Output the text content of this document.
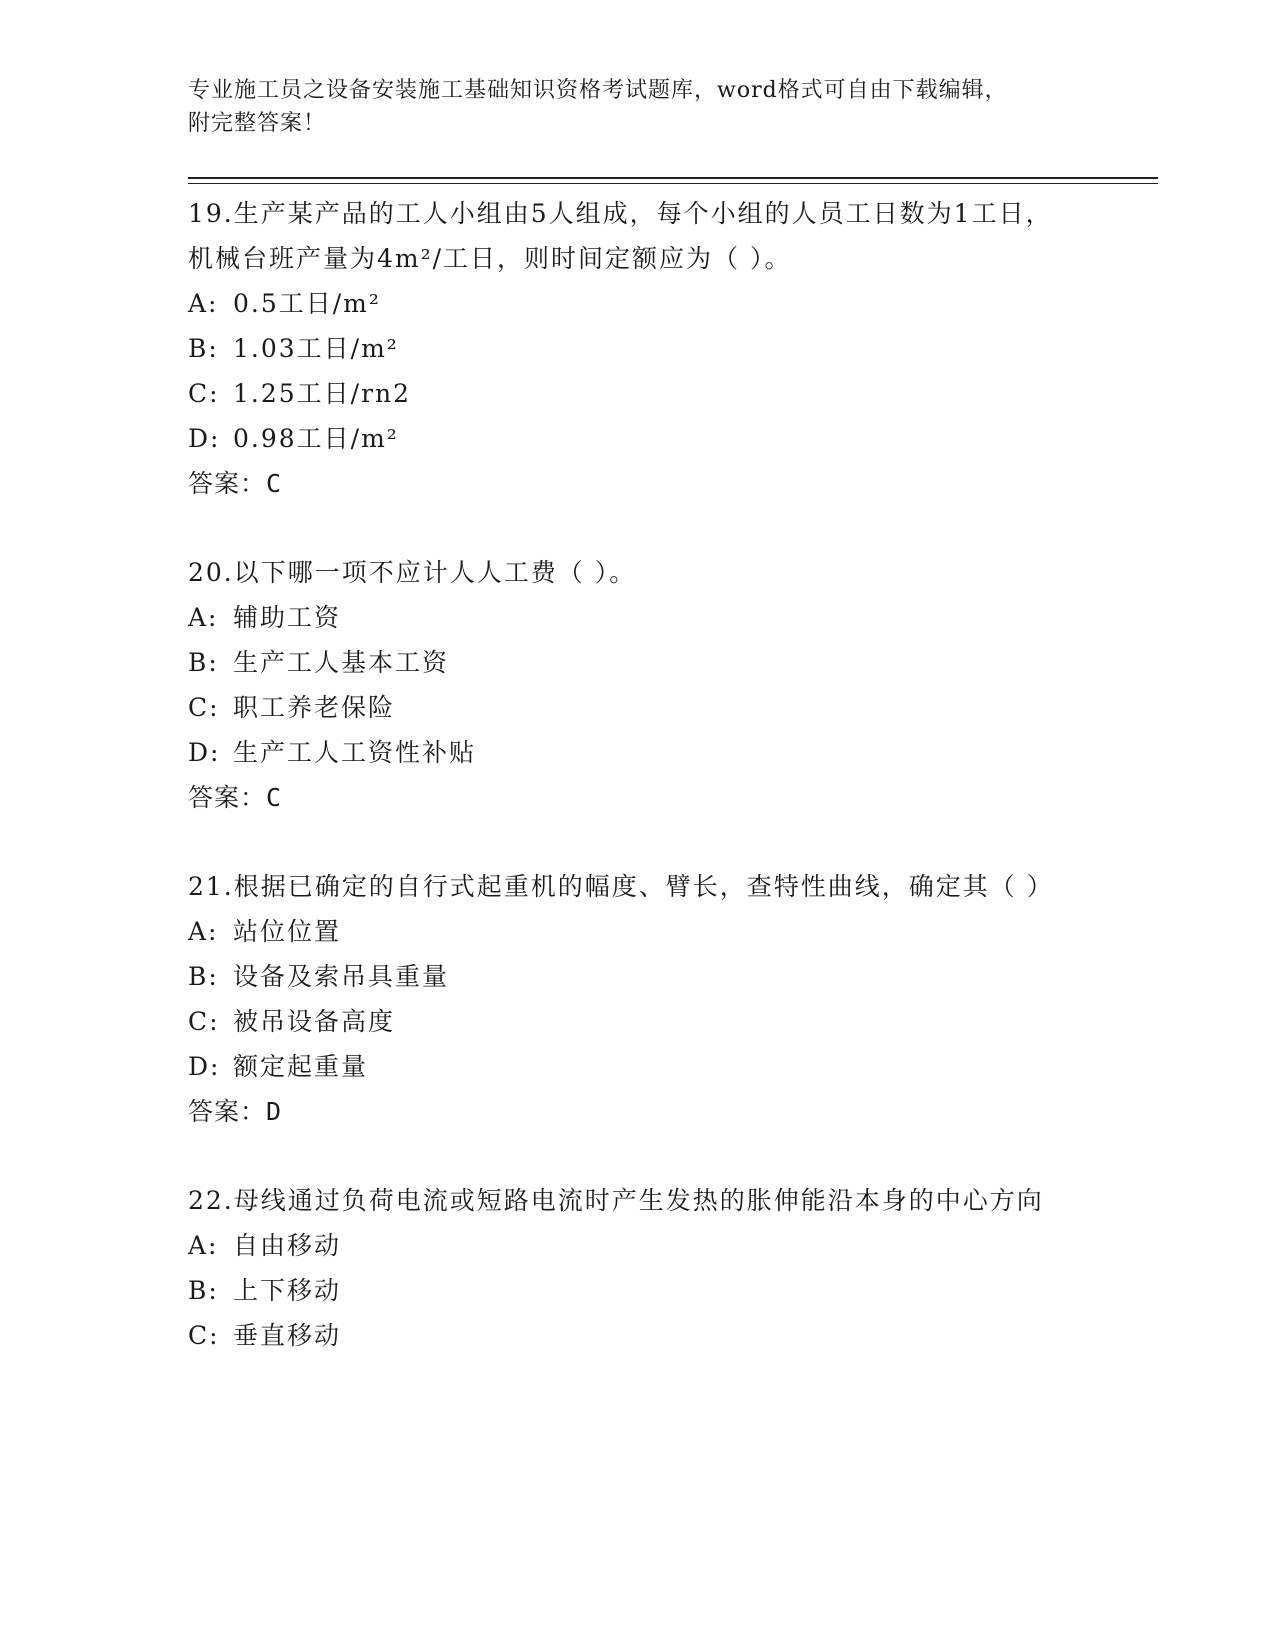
专业施工员之设备安装施工基础知识资格考试题库，word格式可自由下载编辑，
附完整答案！

19.生产某产品的工人小组由5人组成，每个小组的人员工日数为1工日，机械台班产量为4m²/工日，则时间定额应为（ ）。

A: 0.5工日/m²

B: 1.03工日/m²

C: 1.25工日/rn2

D: 0.98工日/m²

答案：C

20.以下哪一项不应计人人工费（ ）。

A: 辅助工资

B: 生产工人基本工资

C: 职工养老保险

D: 生产工人工资性补贴

答案：C

21.根据已确定的自行式起重机的幅度、臂长，查特性曲线，确定其（ ）

A: 站位位置

B: 设备及索吊具重量

C: 被吊设备高度

D: 额定起重量

答案：D

22.母线通过负荷电流或短路电流时产生发热的胀伸能沿本身的中心方向

A: 自由移动

B: 上下移动

C: 垂直移动
